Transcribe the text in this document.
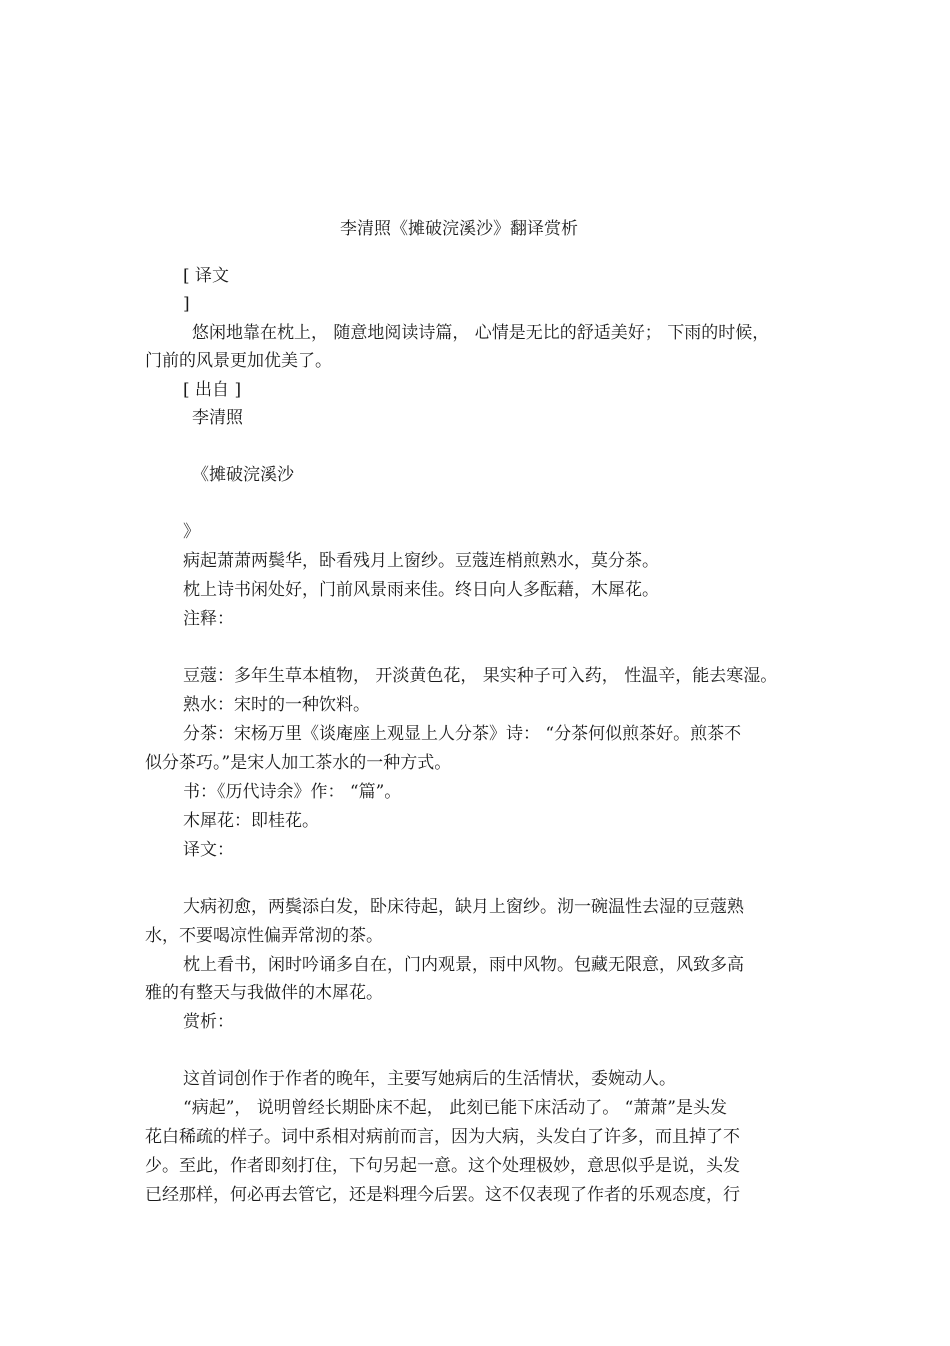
李清照《摊破浣溪沙》翻译赏析
[ 译文
]
悠闲地靠在枕上， 随意地阅读诗篇， 心情是无比的舒适美好； 下雨的时候，
门前的风景更加优美了。
[ 出自 ]
李清照
《摊破浣溪沙
》
病起萧萧两鬓华，卧看残月上窗纱。豆蔻连梢煎熟水，莫分茶。
枕上诗书闲处好，门前风景雨来佳。终日向人多酝藉，木犀花。
注释：
豆蔻：多年生草本植物， 开淡黄色花， 果实种子可入药， 性温辛，能去寒湿。
熟水：宋时的一种饮料。
分茶：宋杨万里《谈庵座上观显上人分茶》诗： “分茶何似煎茶好。煎茶不
似分茶巧。”是宋人加工茶水的一种方式。
书：《历代诗余》作： “篇”。
木犀花：即桂花。
译文：
大病初愈，两鬓添白发，卧床待起，缺月上窗纱。沏一碗温性去湿的豆蔻熟
水，不要喝凉性偏弄常沏的茶。
枕上看书，闲时吟诵多自在，门内观景，雨中风物。包藏无限意，风致多高
雅的有整天与我做伴的木犀花。
赏析：
这首词创作于作者的晚年，主要写她病后的生活情状，委婉动人。
“病起”， 说明曾经长期卧床不起， 此刻已能下床活动了。 “萧萧”是头发
花白稀疏的样子。词中系相对病前而言，因为大病，头发白了许多，而且掉了不
少。至此，作者即刻打住，下句另起一意。这个处理极妙，意思似乎是说，头发
已经那样，何必再去管它，还是料理今后罢。这不仅表现了作者的乐观态度，行
